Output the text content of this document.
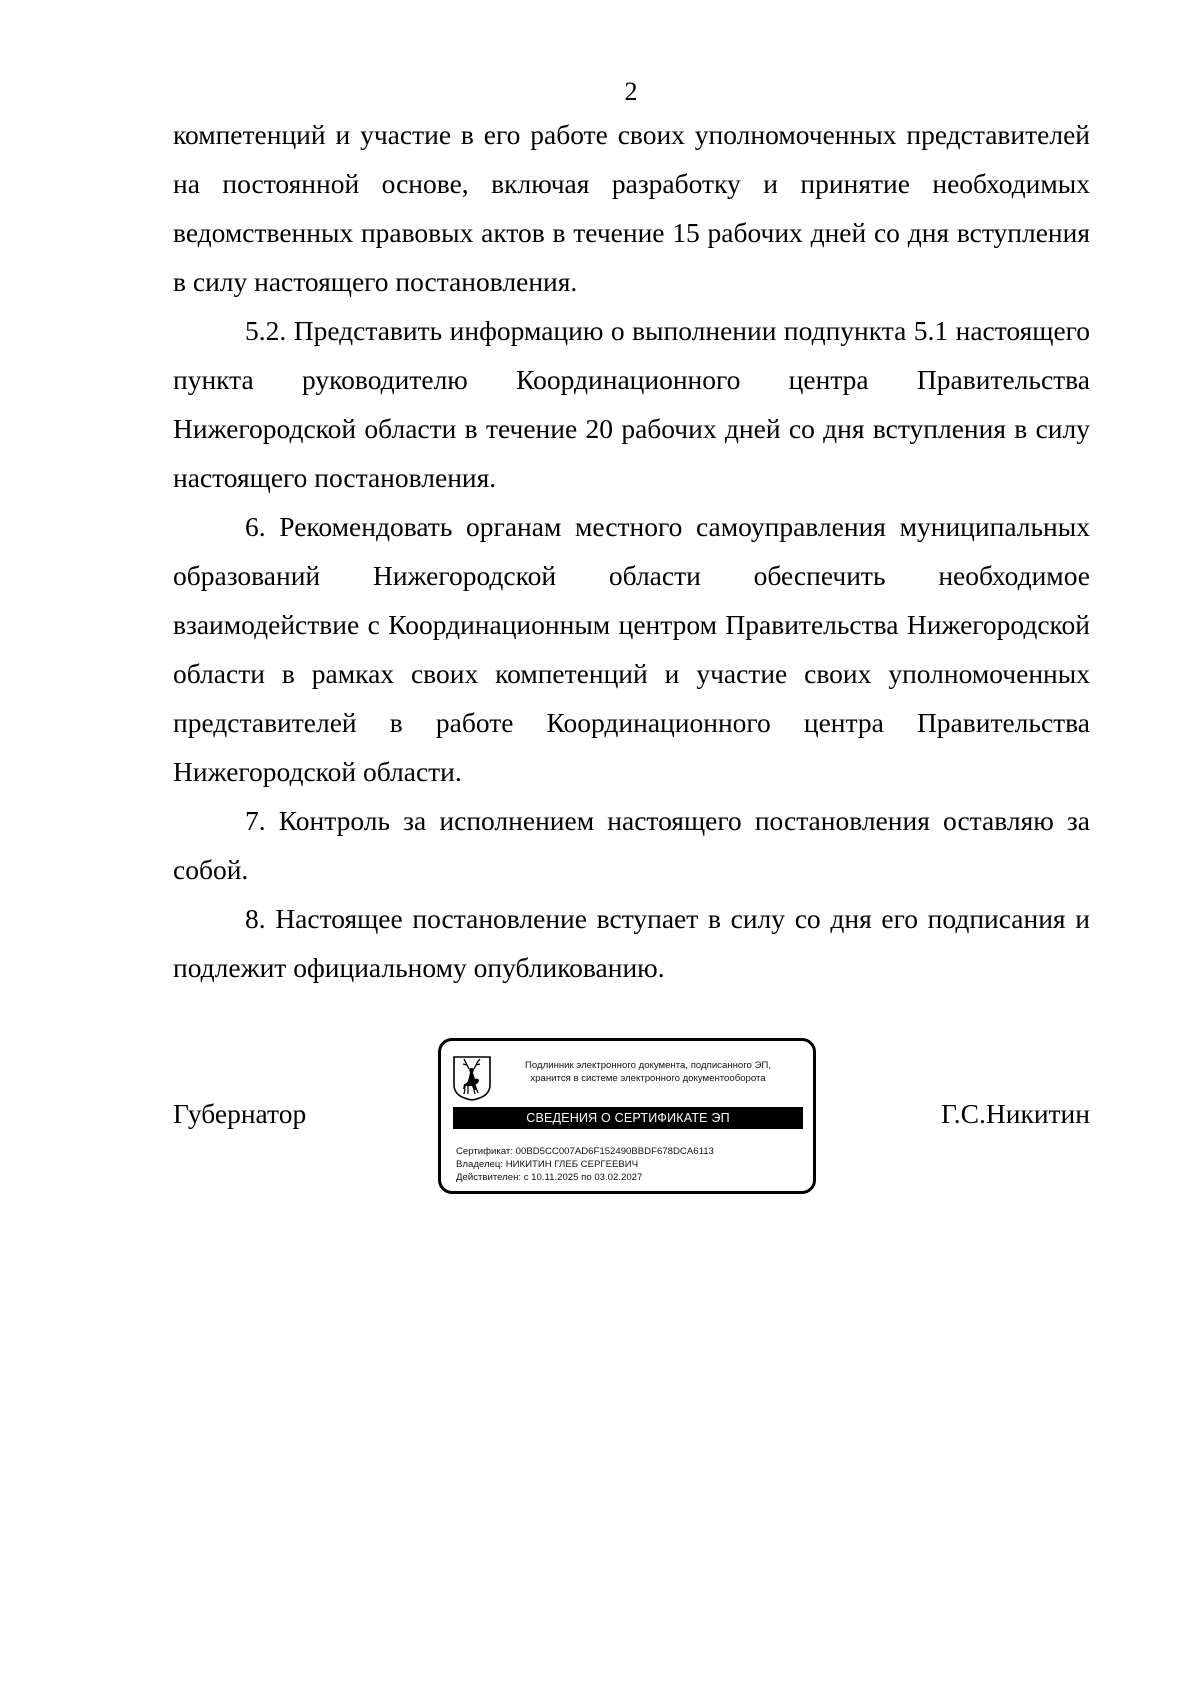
2

компетенций и участие в его работе своих уполномоченных представителей на постоянной основе, включая разработку и принятие необходимых ведомственных правовых актов в течение 15 рабочих дней со дня вступления в силу настоящего постановления.

5.2. Представить информацию о выполнении подпункта 5.1 настоящего пункта руководителю Координационного центра Правительства Нижегородской области в течение 20 рабочих дней со дня вступления в силу настоящего постановления.

6. Рекомендовать органам местного самоуправления муниципальных образований Нижегородской области обеспечить необходимое взаимодействие с Координационным центром Правительства Нижегородской области в рамках своих компетенций и участие своих уполномоченных представителей в работе Координационного центра Правительства Нижегородской области.

7. Контроль за исполнением настоящего постановления оставляю за собой.

8. Настоящее постановление вступает в силу со дня его подписания и подлежит официальному опубликованию.

Губернатор
Подлинник электронного документа, подписанного ЭП,
хранится в системе электронного документооборота
СВЕДЕНИЯ О СЕРТИФИКАТЕ ЭП
Сертификат: 00BD5CC007AD6F152490BBDF678DCA6113
Владелец: НИКИТИН ГЛЕБ СЕРГЕЕВИЧ
Действителен: с 10.11.2025 по 03.02.2027
Г.С.Никитин
